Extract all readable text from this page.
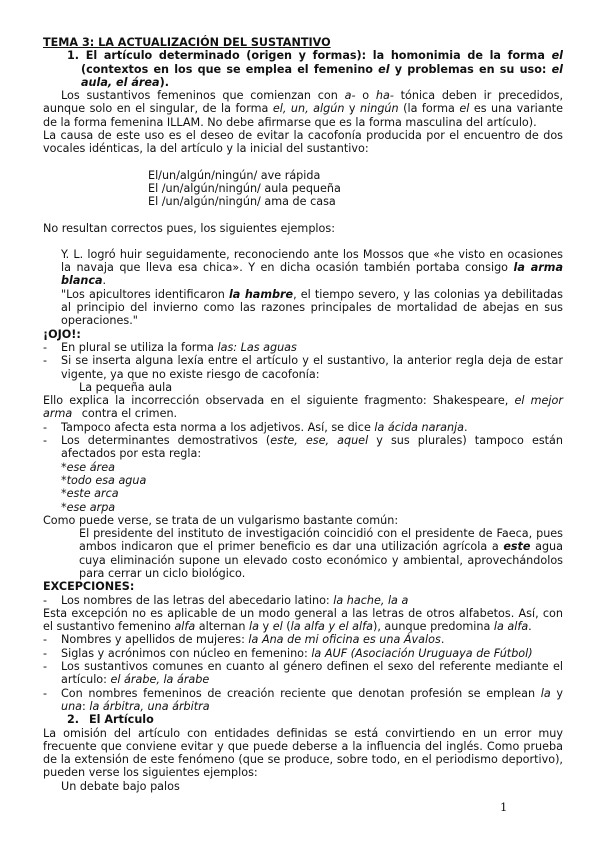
TEMA 3: LA ACTUALIZACIÓN DEL SUSTANTIVO

1. El artículo determinado (origen y formas): la homonimia de la forma el (contextos en los que se emplea el femenino el y problemas en su uso: el aula, el área).

Los sustantivos femeninos que comienzan con a- o ha- tónica deben ir precedidos, aunque solo en el singular, de la forma el, un, algún y ningún (la forma el es una variante de la forma femenina ILLAM. No debe afirmarse que es la forma masculina del artículo).

La causa de este uso es el deseo de evitar la cacofonía producida por el encuentro de dos vocales idénticas, la del artículo y la inicial del sustantivo:

El/un/algún/ningún/ ave rápida

El /un/algún/ningún/ aula pequeña

El /un/algún/ningún/ ama de casa

No resultan correctos pues, los siguientes ejemplos:

Y. L. logró huir seguidamente, reconociendo ante los Mossos que «he visto en ocasiones la navaja que lleva esa chica». Y en dicha ocasión también portaba consigo la arma blanca.

"Los apicultores identificaron la hambre, el tiempo severo, y las colonias ya debilitadas al principio del invierno como las razones principales de mortalidad de abejas en sus operaciones."

¡OJO!:

- En plural se utiliza la forma las: Las aguas

- Si se inserta alguna lexía entre el artículo y el sustantivo, la anterior regla deja de estar vigente, ya que no existe riesgo de cacofonía:

La pequeña aula

Ello explica la incorrección observada en el siguiente fragmento: Shakespeare, el mejor arma contra el crimen.

- Tampoco afecta esta norma a los adjetivos. Así, se dice la ácida naranja.

- Los determinantes demostrativos (este, ese, aquel y sus plurales) tampoco están afectados por esta regla:

*ese área

*todo esa agua

*este arca

*ese arpa

Como puede verse, se trata de un vulgarismo bastante común:

El presidente del instituto de investigación coincidió con el presidente de Faeca, pues ambos indicaron que el primer beneficio es dar una utilización agrícola a este agua cuya eliminación supone un elevado costo económico y ambiental, aprovechándolos para cerrar un ciclo biológico.

EXCEPCIONES:

- Los nombres de las letras del abecedario latino: la hache, la a

Esta excepción no es aplicable de un modo general a las letras de otros alfabetos. Así, con el sustantivo femenino alfa alternan la y el (la alfa y el alfa), aunque predomina la alfa.

- Nombres y apellidos de mujeres: la Ana de mi oficina es una Ávalos.

- Siglas y acrónimos con núcleo en femenino: la AUF (Asociación Uruguaya de Fútbol)

- Los sustantivos comunes en cuanto al género definen el sexo del referente mediante el artículo: el árabe, la árabe

- Con nombres femeninos de creación reciente que denotan profesión se emplean la y una: la árbitra, una árbitra

2. El Artículo

La omisión del artículo con entidades definidas se está convirtiendo en un error muy frecuente que conviene evitar y que puede deberse a la influencia del inglés. Como prueba de la extensión de este fenómeno (que se produce, sobre todo, en el periodismo deportivo), pueden verse los siguientes ejemplos:

Un debate bajo palos

1
